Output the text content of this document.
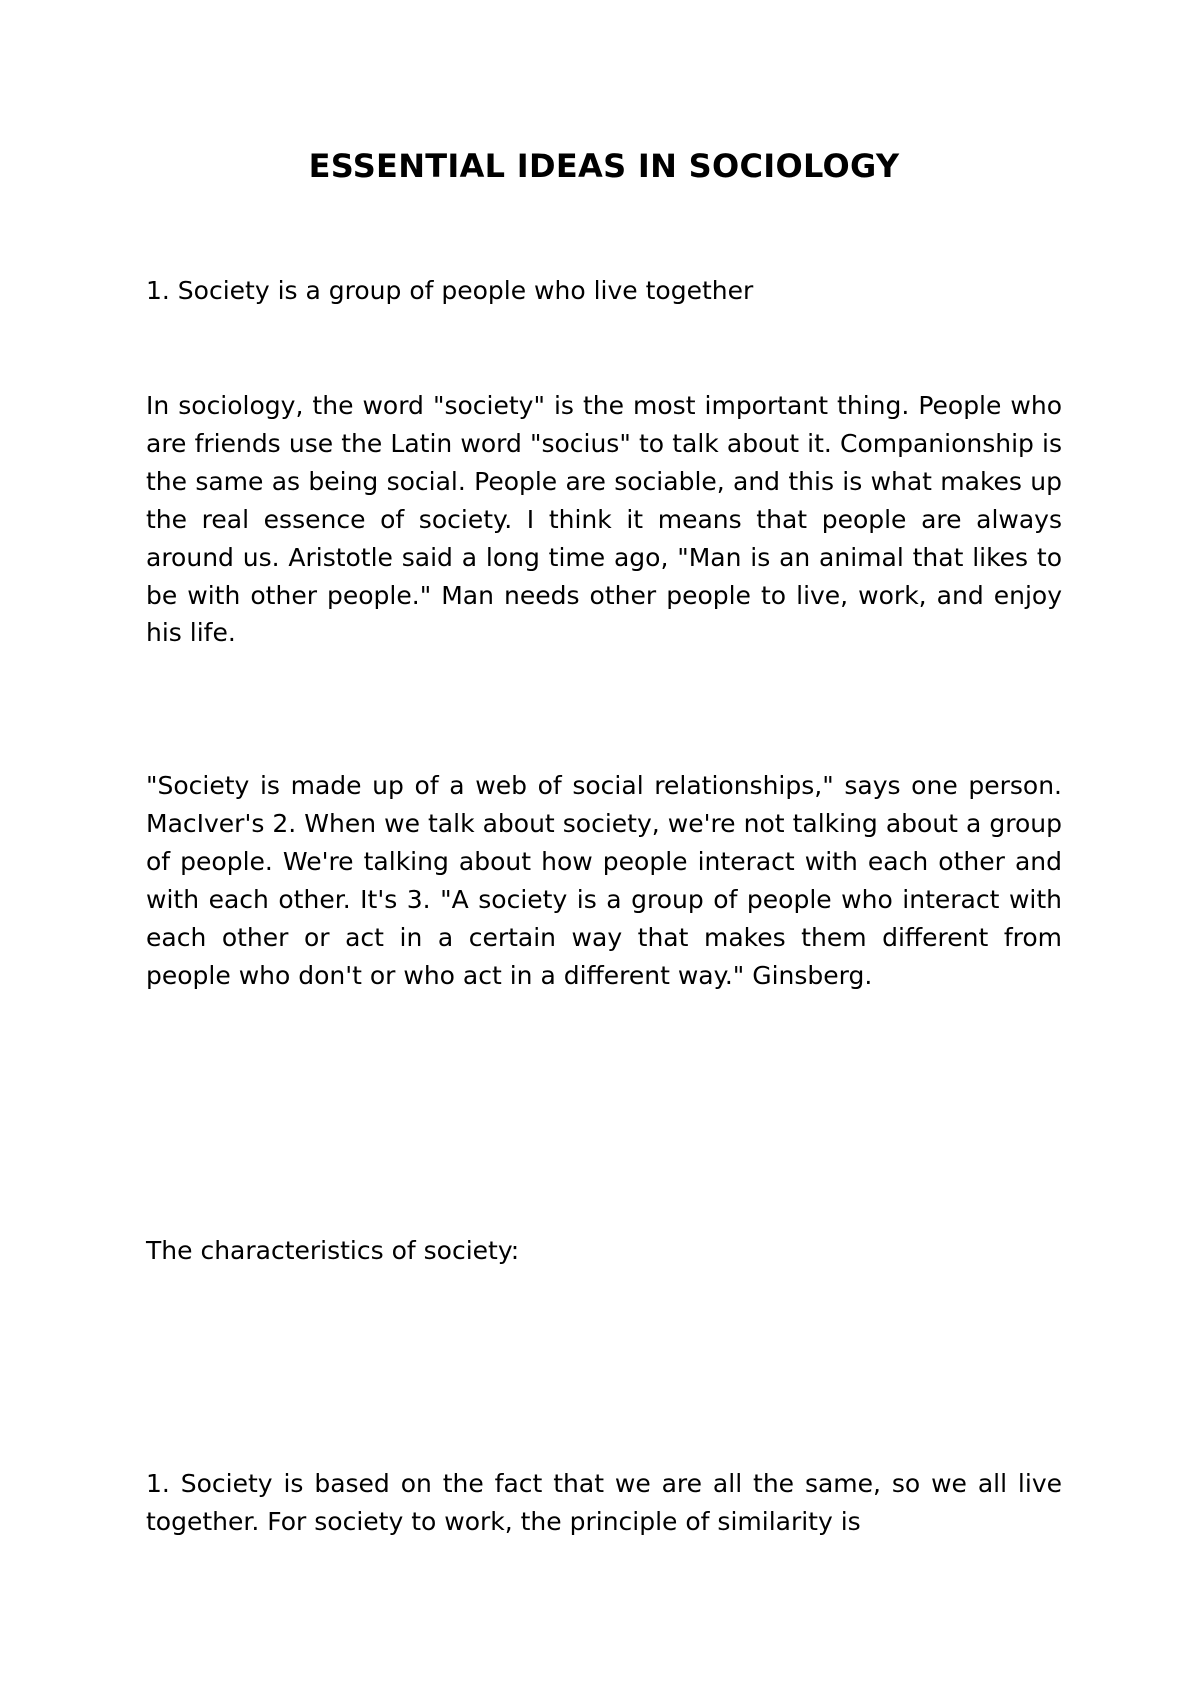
ESSENTIAL IDEAS IN SOCIOLOGY

1. Society is a group of people who live together

In sociology, the word "society" is the most important thing. People who are friends use the Latin word "socius" to talk about it. Companionship is the same as being social. People are sociable, and this is what makes up the real essence of society. I think it means that people are always around us. Aristotle said a long time ago, "Man is an animal that likes to be with other people." Man needs other people to live, work, and enjoy his life.

"Society is made up of a web of social relationships," says one person. MacIver's 2. When we talk about society, we're not talking about a group of people. We're talking about how people interact with each other and with each other. It's 3. "A society is a group of people who interact with each other or act in a certain way that makes them different from people who don't or who act in a different way." Ginsberg.

The characteristics of society:

1. Society is based on the fact that we are all the same, so we all live together. For society to work, the principle of similarity is
